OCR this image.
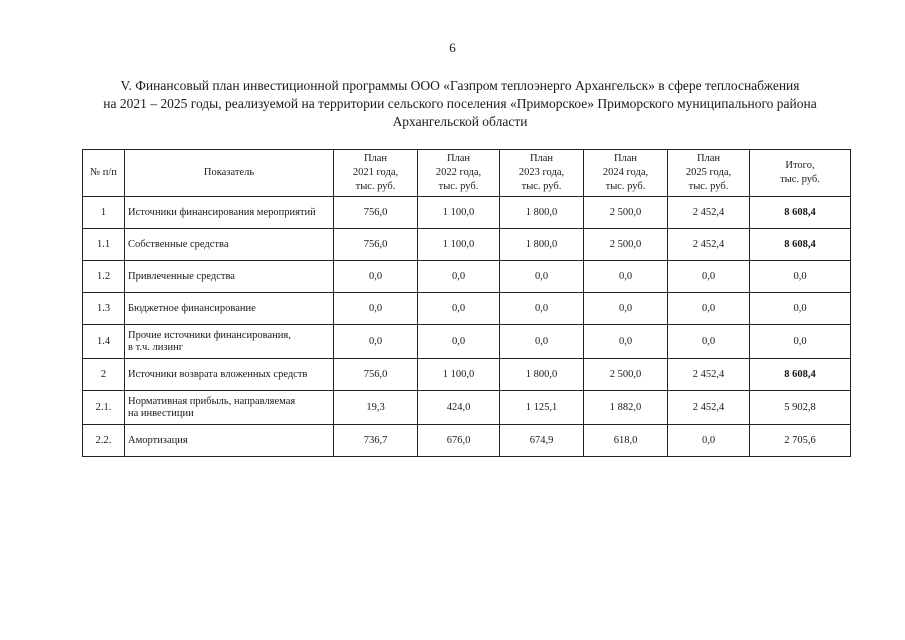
6
V. Финансовый план инвестиционной программы ООО «Газпром теплоэнерго Архангельск» в сфере теплоснабжения
на 2021 – 2025 годы, реализуемой на территории сельского поселения «Приморское» Приморского муниципального района
Архангельской области
№ п/п	Показатель	План
2021 года,
тыс. руб.	План
2022 года,
тыс. руб.	План
2023 года,
тыс. руб.	План
2024 года,
тыс. руб.	План
2025 года,
тыс. руб.	Итого,
тыс. руб.

1	Источники финансирования мероприятий	756,0	1 100,0	1 800,0	2 500,0	2 452,4	8 608,4
1.1	Собственные средства	756,0	1 100,0	1 800,0	2 500,0	2 452,4	8 608,4
1.2	Привлеченные средства	0,0	0,0	0,0	0,0	0,0	0,0
1.3	Бюджетное финансирование	0,0	0,0	0,0	0,0	0,0	0,0
1.4	Прочие источники финансирования,
в т.ч. лизинг	0,0	0,0	0,0	0,0	0,0	0,0
2	Источники возврата вложенных средств	756,0	1 100,0	1 800,0	2 500,0	2 452,4	8 608,4
2.1.	Нормативная прибыль, направляемая
на инвестиции	19,3	424,0	1 125,1	1 882,0	2 452,4	5 902,8
2.2.	Амортизация	736,7	676,0	674,9	618,0	0,0	2 705,6
